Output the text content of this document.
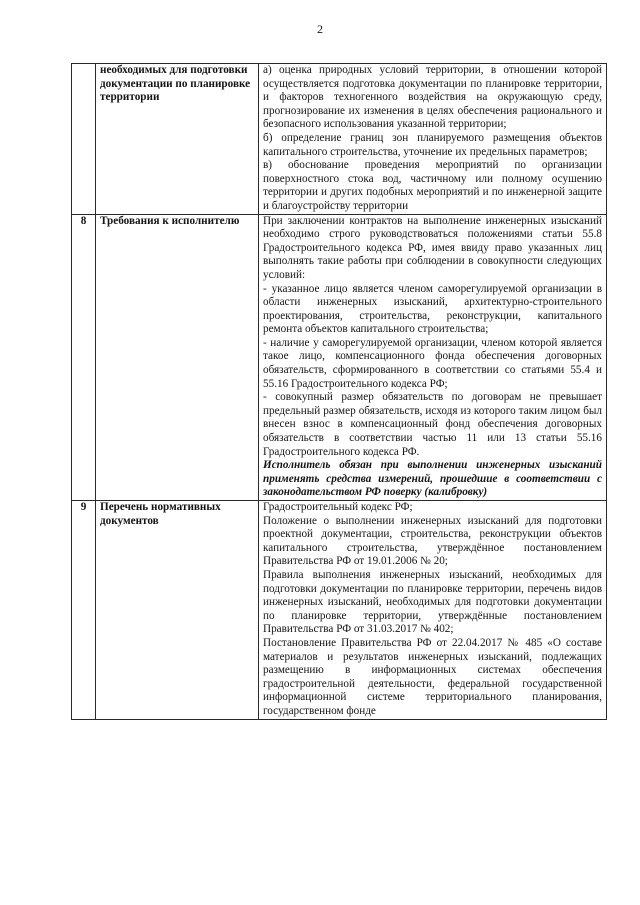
2
	необходимых для подготовки документации по планировке территории	а) оценка природных условий территории, в отношении которой осуществляется подготовка документации по планировке территории, и факторов техногенного воздействия на окружающую среду, прогнозирование их изменения в целях обеспечения рационального и безопасного использования указанной территории;
б) определение границ зон планируемого размещения объектов капитального строительства, уточнение их предельных параметров;
в) обоснование проведения мероприятий по организации поверхностного стока вод, частичному или полному осушению территории и других подобных мероприятий и по инженерной защите и благоустройству территории

8	Требования к исполнителю	При заключении контрактов на выполнение инженерных изысканий необходимо строго руководствоваться положениями статьи 55.8 Градостроительного кодекса РФ, имея ввиду право указанных лиц выполнять такие работы при соблюдении в совокупности следующих условий:
- указанное лицо является членом саморегулируемой организации в области инженерных изысканий, архитектурно-строительного проектирования, строительства, реконструкции, капитального ремонта объектов капитального строительства;
- наличие у саморегулируемой организации, членом которой является такое лицо, компенсационного фонда обеспечения договорных обязательств, сформированного в соответствии со статьями 55.4 и 55.16 Градостроительного кодекса РФ;
- совокупный размер обязательств по договорам не превышает предельный размер обязательств, исходя из которого таким лицом был внесен взнос в компенсационный фонд обеспечения договорных обязательств в соответствии частью 11 или 13 статьи 55.16 Градостроительного кодекса РФ.
Исполнитель обязан при выполнении инженерных изысканий применять средства измерений, прошедшие в соответствии с законодательством РФ поверку (калибровку)

9	Перечень нормативных документов	Градостроительный кодекс РФ;
Положение о выполнении инженерных изысканий для подготовки проектной документации, строительства, реконструкции объектов капитального строительства, утверждённое постановлением Правительства РФ от 19.01.2006 № 20;
Правила выполнения инженерных изысканий, необходимых для подготовки документации по планировке территории, перечень видов инженерных изысканий, необходимых для подготовки документации по планировке территории, утверждённые постановлением Правительства РФ от 31.03.2017 № 402;
Постановление Правительства РФ от 22.04.2017 № 485 «О составе материалов и результатов инженерных изысканий, подлежащих размещению в информационных системах обеспечения градостроительной деятельности, федеральной государственной информационной системе территориального планирования, государственном фонде
